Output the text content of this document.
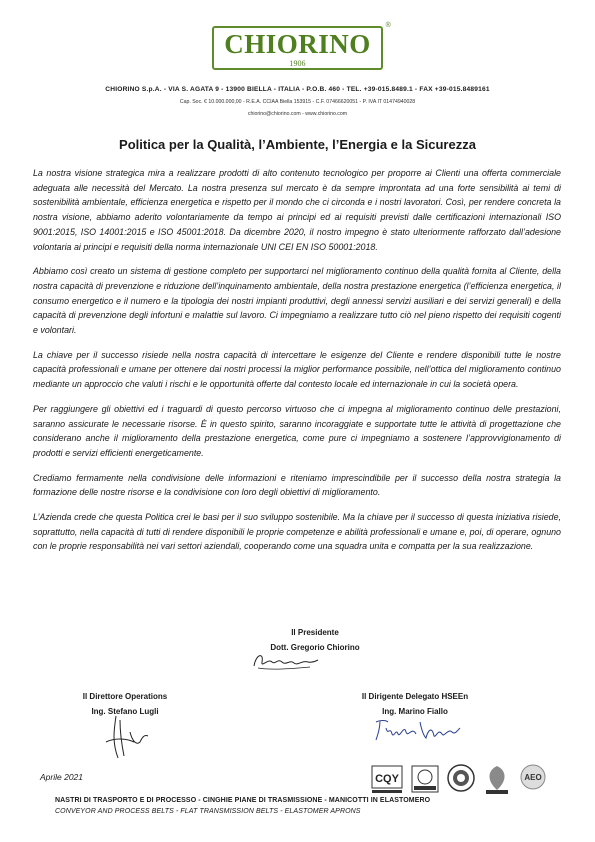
CHIORINO
1906
®
CHIORINO S.p.A. - VIA S. AGATA 9 - 13900 BIELLA - ITALIA - P.O.B. 460 - TEL. +39-015.8489.1 - FAX +39-015.8489161
Cap. Soc. € 10.000.000,00 - R.E.A. CCIAA Biella 153915 - C.F. 07466620051 - P. IVA IT 01474940028
chiorino@chiorino.com - www.chiorino.com
Politica per la Qualità, l’Ambiente, l’Energia e la Sicurezza

La nostra visione strategica mira a realizzare prodotti di alto contenuto tecnologico per proporre ai Clienti una offerta commerciale adeguata alle necessità del Mercato. La nostra presenza sul mercato è da sempre improntata ad una forte sensibilità ai temi di sostenibilità ambientale, efficienza energetica e rispetto per il mondo che ci circonda e i nostri lavoratori. Così, per rendere concreta la nostra visione, abbiamo aderito volontariamente da tempo ai principi ed ai requisiti previsti dalle certificazioni internazionali ISO 9001:2015, ISO 14001:2015 e ISO 45001:2018. Da dicembre 2020, il nostro impegno è stato ulteriormente rafforzato dall’adesione volontaria ai principi e requisiti della norma internazionale UNI CEI EN ISO 50001:2018.

Abbiamo così creato un sistema di gestione completo per supportarci nel miglioramento continuo della qualità fornita al Cliente, della nostra capacità di prevenzione e riduzione dell’inquinamento ambientale, della nostra prestazione energetica (l’efficienza energetica, il consumo energetico e il numero e la tipologia dei nostri impianti produttivi, degli annessi servizi ausiliari e dei servizi generali) e della capacità di prevenzione degli infortuni e malattie sul lavoro. Ci impegniamo a realizzare tutto ciò nel pieno rispetto dei requisiti cogenti e volontari.

La chiave per il successo risiede nella nostra capacità di intercettare le esigenze del Cliente e rendere disponibili tutte le nostre capacità professionali e umane per ottenere dai nostri processi la miglior performance possibile, nell’ottica del miglioramento continuo mediante un approccio che valuti i rischi e le opportunità offerte dal contesto locale ed internazionale in cui la società opera.

Per raggiungere gli obiettivi ed i traguardi di questo percorso virtuoso che ci impegna al miglioramento continuo delle prestazioni, saranno assicurate le necessarie risorse. È in questo spirito, saranno incoraggiate e supportate tutte le attività di progettazione che considerano anche il miglioramento della prestazione energetica, come pure ci impegniamo a sostenere l’approvvigionamento di prodotti e servizi efficienti energeticamente.

Crediamo fermamente nella condivisione delle informazioni e riteniamo imprescindibile per il successo della nostra strategia la formazione delle nostre risorse e la condivisione con loro degli obiettivi di miglioramento.

L’Azienda crede che questa Politica crei le basi per il suo sviluppo sostenibile. Ma la chiave per il successo di questa iniziativa risiede, soprattutto, nella capacità di tutti di rendere disponibili le proprie competenze e abilità professionali e umane e, poi, di operare, ognuno con le proprie responsabilità nei vari settori aziendali, cooperando come una squadra unita e compatta per la sua realizzazione.

Il Presidente
Dott. Gregorio Chiorino
Il Direttore Operations
Ing. Stefano Lugli
Il Dirigente Delegato HSEEn
Ing. Marino Fiallo
Aprile 2021	CQY	AEO
NASTRI DI TRASPORTO E DI PROCESSO - CINGHIE PIANE DI TRASMISSIONE - MANICOTTI IN ELASTOMERO
CONVEYOR AND PROCESS BELTS - FLAT TRANSMISSION BELTS - ELASTOMER APRONS
